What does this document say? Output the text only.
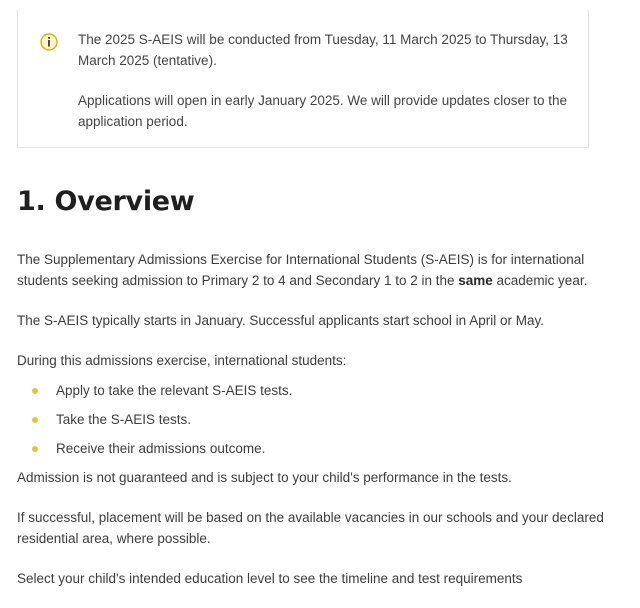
The 2025 S-AEIS will be conducted from Tuesday, 11 March 2025 to Thursday, 13 March 2025 (tentative).

Applications will open in early January 2025. We will provide updates closer to the application period.

1. Overview

The Supplementary Admissions Exercise for International Students (S-AEIS) is for international students seeking admission to Primary 2 to 4 and Secondary 1 to 2 in the same academic year.

The S-AEIS typically starts in January. Successful applicants start school in April or May.

During this admissions exercise, international students:

Apply to take the relevant S-AEIS tests.
Take the S-AEIS tests.
Receive their admissions outcome.

Admission is not guaranteed and is subject to your child's performance in the tests.

If successful, placement will be based on the available vacancies in our schools and your declared residential area, where possible.

Select your child's intended education level to see the timeline and test requirements
